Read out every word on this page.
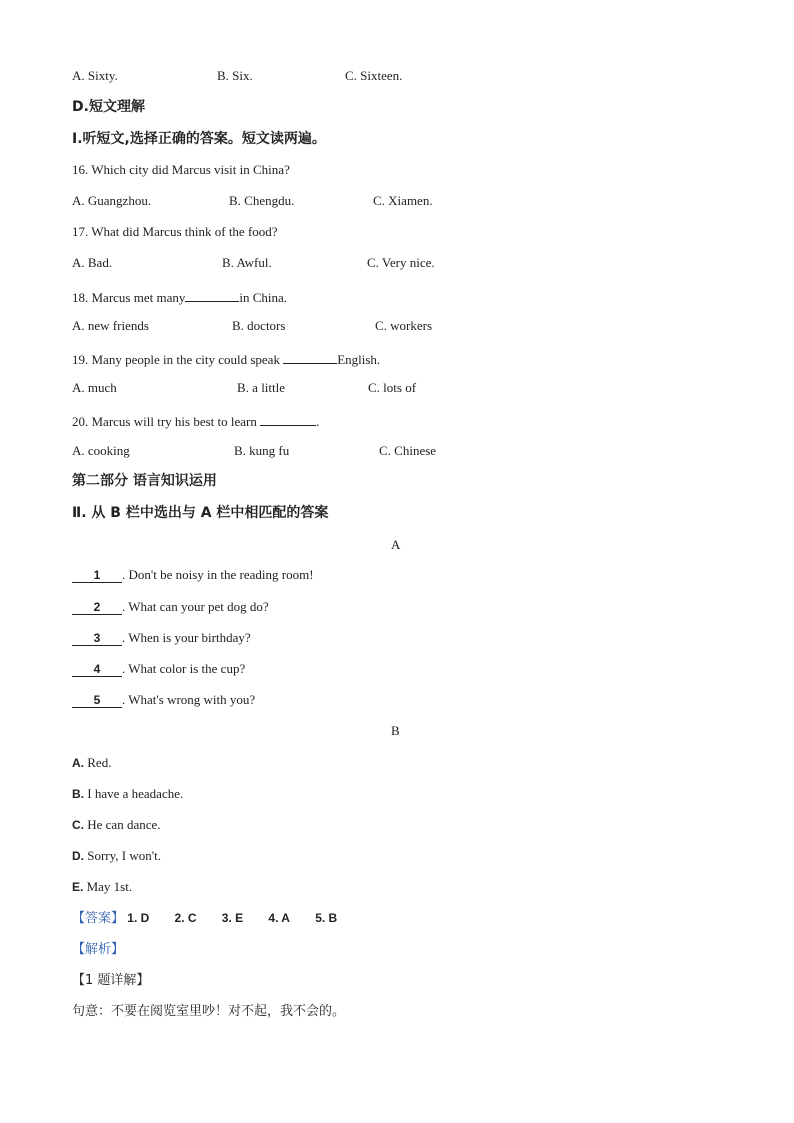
A. Sixty.	B. Six.	C. Sixteen.
D.短文理解
Ⅰ.听短文,选择正确的答案。短文读两遍。
16. Which city did Marcus visit in China?
A. Guangzhou.	B. Chengdu.	C. Xiamen.
17. What did Marcus think of the food?
A. Bad.	B. Awful.	C. Very nice.
18. Marcus met many	in China.
A. new friends	B. doctors	C. workers
19. Many people in the city could speak	English.
A. much	B. a little	C. lots of
20. Marcus will try his best to learn	.
A. cooking	B. kung fu	C. Chinese
第二部分 语言知识运用
Ⅱ. 从 B 栏中选出与 A 栏中相匹配的答案
A
1 . Don't be noisy in the reading room!
2 . What can your pet dog do?
3 . When is your birthday?
4 . What color is the cup?
5 . What's wrong with you?
B
A. Red.
B. I have a headache.
C. He can dance.
D. Sorry, I won't.
E. May 1st.
【答案】 1. D 2. C 3. E 4. A 5. B
【解析】
【1 题详解】
句意：不要在阅览室里吵！对不起，我不会的。
